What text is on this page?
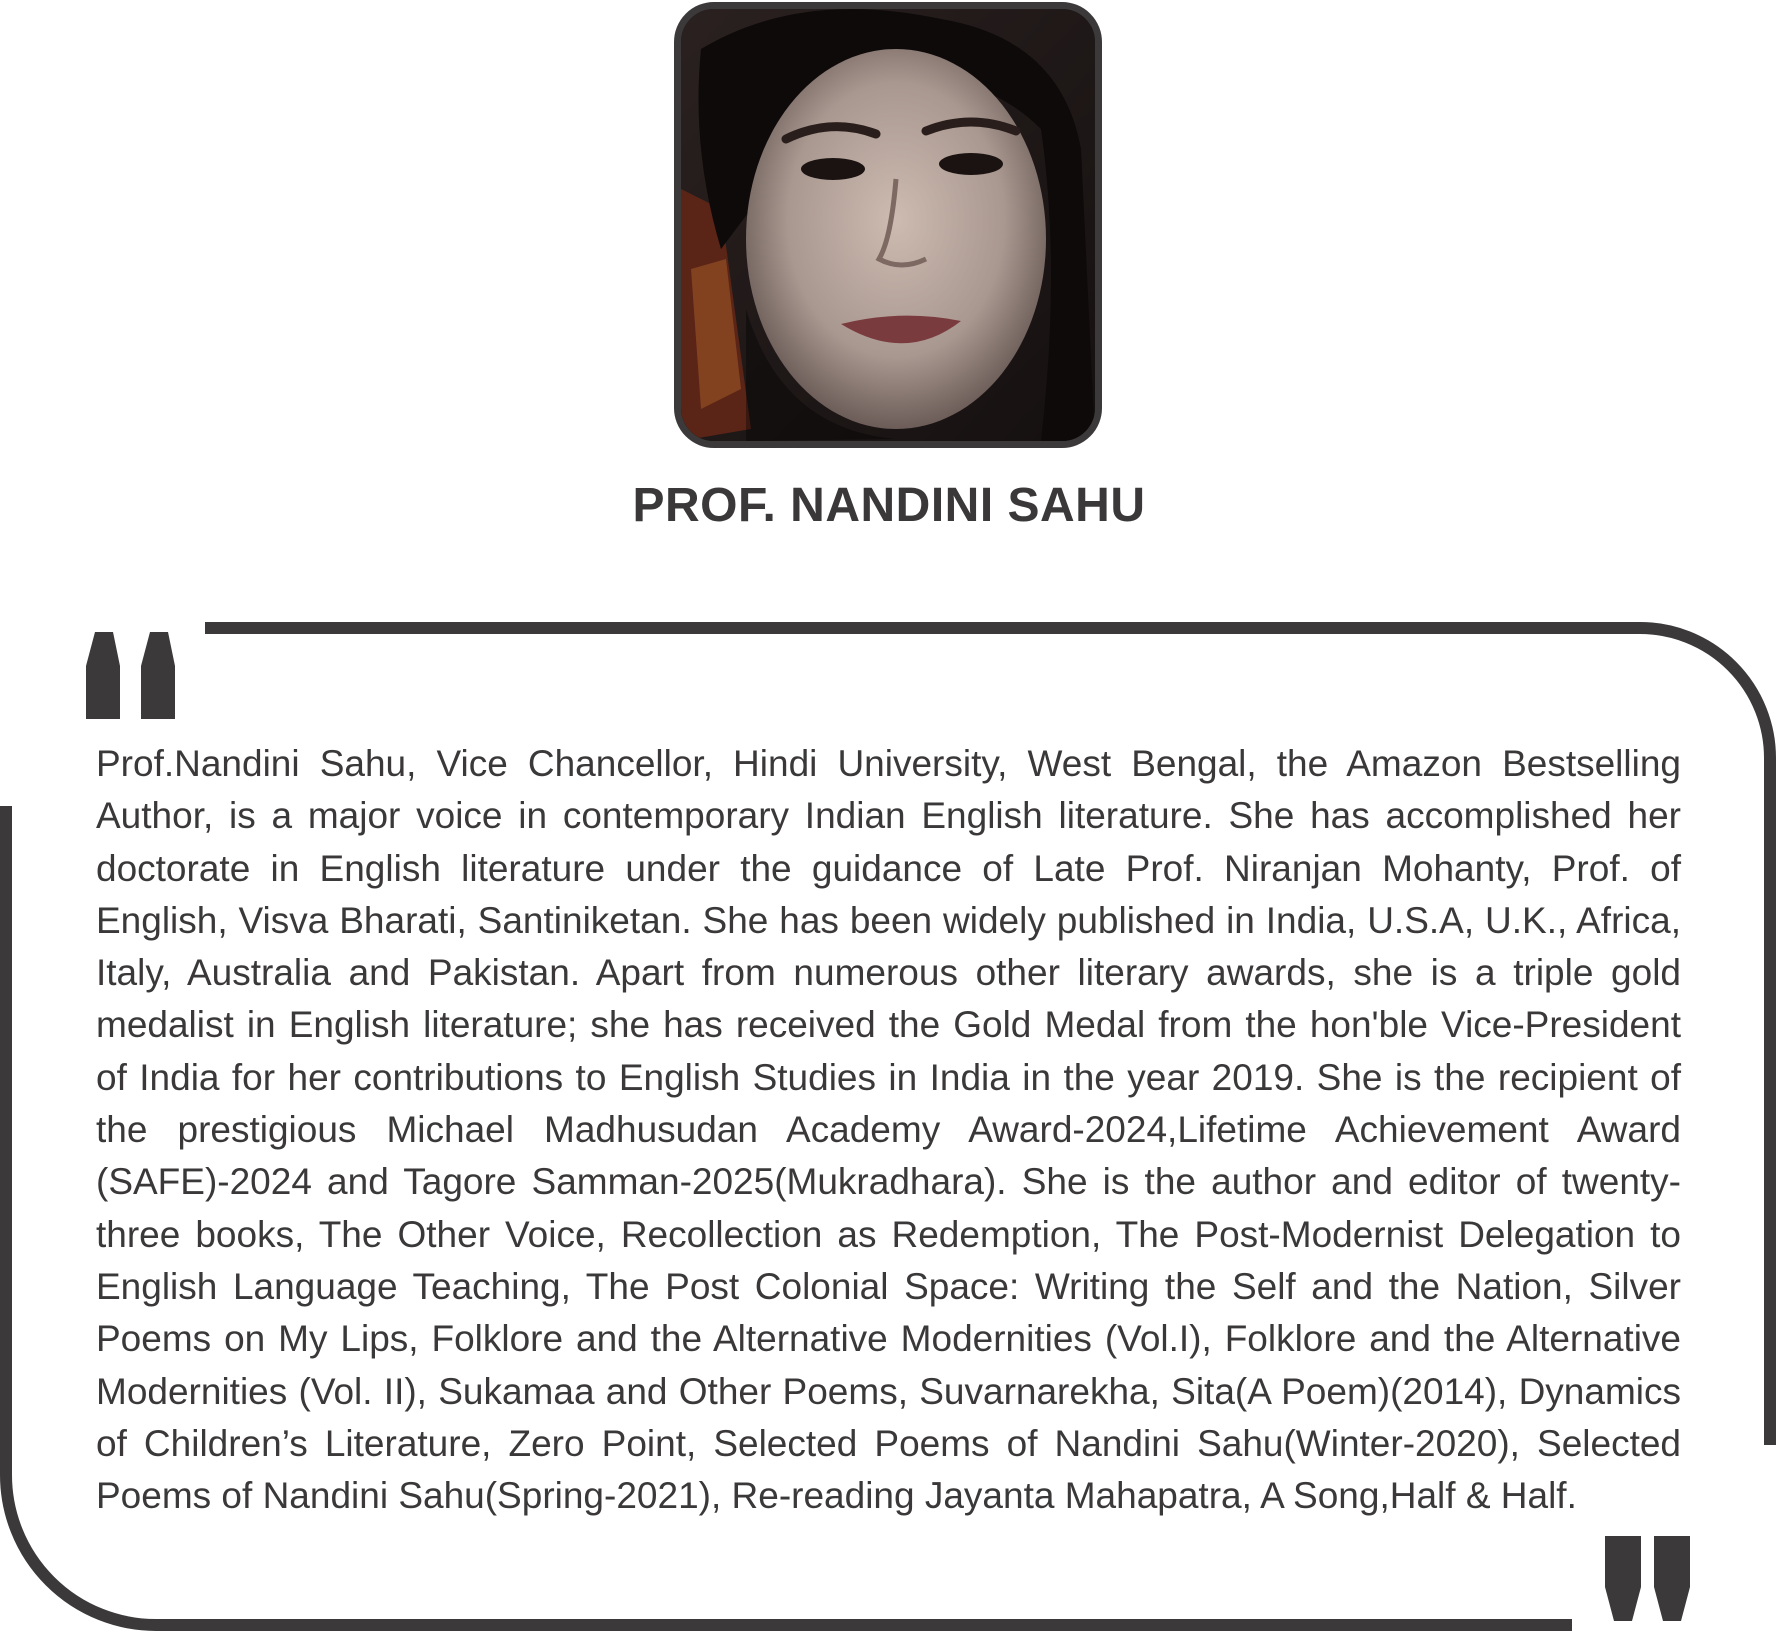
PROF. NANDINI SAHU

Prof.Nandini Sahu, Vice Chancellor, Hindi University, West Bengal, the Amazon Bestselling Author, is a major voice in contemporary Indian English literature. She has accomplished her doctorate in English literature under the guidance of Late Prof. Niranjan Mohanty, Prof. of English, Visva Bharati, Santiniketan. She has been widely published in India, U.S.A, U.K., Africa, Italy, Australia and Pakistan. Apart from numerous other literary awards, she is a triple gold medalist in English literature; she has received the Gold Medal from the hon'ble Vice-President of India for her contributions to English Studies in India in the year 2019. She is the recipient of the prestigious Michael Madhusudan Academy Award-2024,Lifetime Achievement Award (SAFE)-2024 and Tagore Samman-2025(Mukradhara). She is the author and editor of twenty-three books, The Other Voice, Recollection as Redemption, The Post-Modernist Delegation to English Language Teaching, The Post Colonial Space: Writing the Self and the Nation, Silver Poems on My Lips, Folklore and the Alternative Modernities (Vol.I), Folklore and the Alternative Modernities (Vol. II), Sukamaa and Other Poems, Suvarnarekha, Sita(A Poem)(2014), Dynamics of Children’s Literature, Zero Point, Selected Poems of Nandini Sahu(Winter-2020), Selected Poems of Nandini Sahu(Spring-2021), Re-reading Jayanta Mahapatra, A Song,Half & Half.
